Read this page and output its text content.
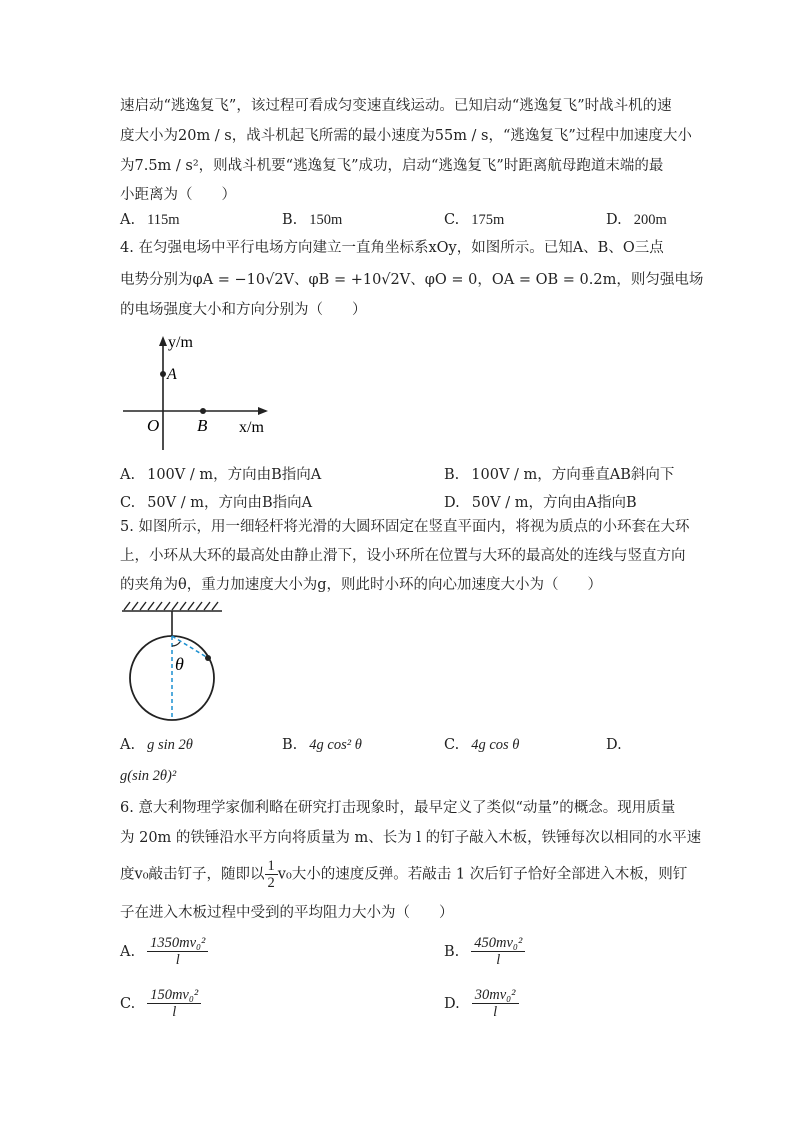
速启动“逃逸复飞”，该过程可看成匀变速直线运动。已知启动“逃逸复飞”时战斗机的速
度大小为20m / s，战斗机起飞所需的最小速度为55m / s，“逃逸复飞”过程中加速度大小
为7.5m / s²，则战斗机要“逃逸复飞”成功，启动“逃逸复飞”时距离航母跑道末端的最
小距离为（　　）
A. 115m	B. 150m	C. 175m	D. 200m
4. 在匀强电场中平行电场方向建立一直角坐标系xOy，如图所示。已知A、B、O三点
电势分别为φA = −10√2V、φB = +10√2V、φO = 0，OA = OB = 0.2m，则匀强电场
的电场强度大小和方向分别为（　　）
y/m
A
O B x/m
A. 100V / m，方向由B指向A	B. 100V / m，方向垂直AB斜向下
C. 50V / m，方向由B指向A	D. 50V / m，方向由A指向B
5. 如图所示，用一细轻杆将光滑的大圆环固定在竖直平面内，将视为质点的小环套在大环
上，小环从大环的最高处由静止滑下，设小环所在位置与大环的最高处的连线与竖直方向
的夹角为θ，重力加速度大小为g，则此时小环的向心加速度大小为（　　）
θ
A. g sin 2θ	B. 4g cos² θ	C. 4g cos θ	D.
g(sin 2θ)²
6. 意大利物理学家伽利略在研究打击现象时，最早定义了类似“动量”的概念。现用质量
为 20m 的铁锤沿水平方向将质量为 m、长为 l 的钉子敲入木板，铁锤每次以相同的水平速
度v₀敲击钉子，随即以 $\frac{1}{2} v_0$大小的速度反弹。若敲击 1 次后钉子恰好全部进入木板，则钉
子在进入木板过程中受到的平均阻力大小为（　　）
A. $\frac{\text{1350mv₀²}}{l}$	B. $\frac{\text{450mv₀²}}{l}$
C. $\frac{\text{150mv₀²}}{l}$	D. $\frac{\text{30mv₀²}}{l}$
